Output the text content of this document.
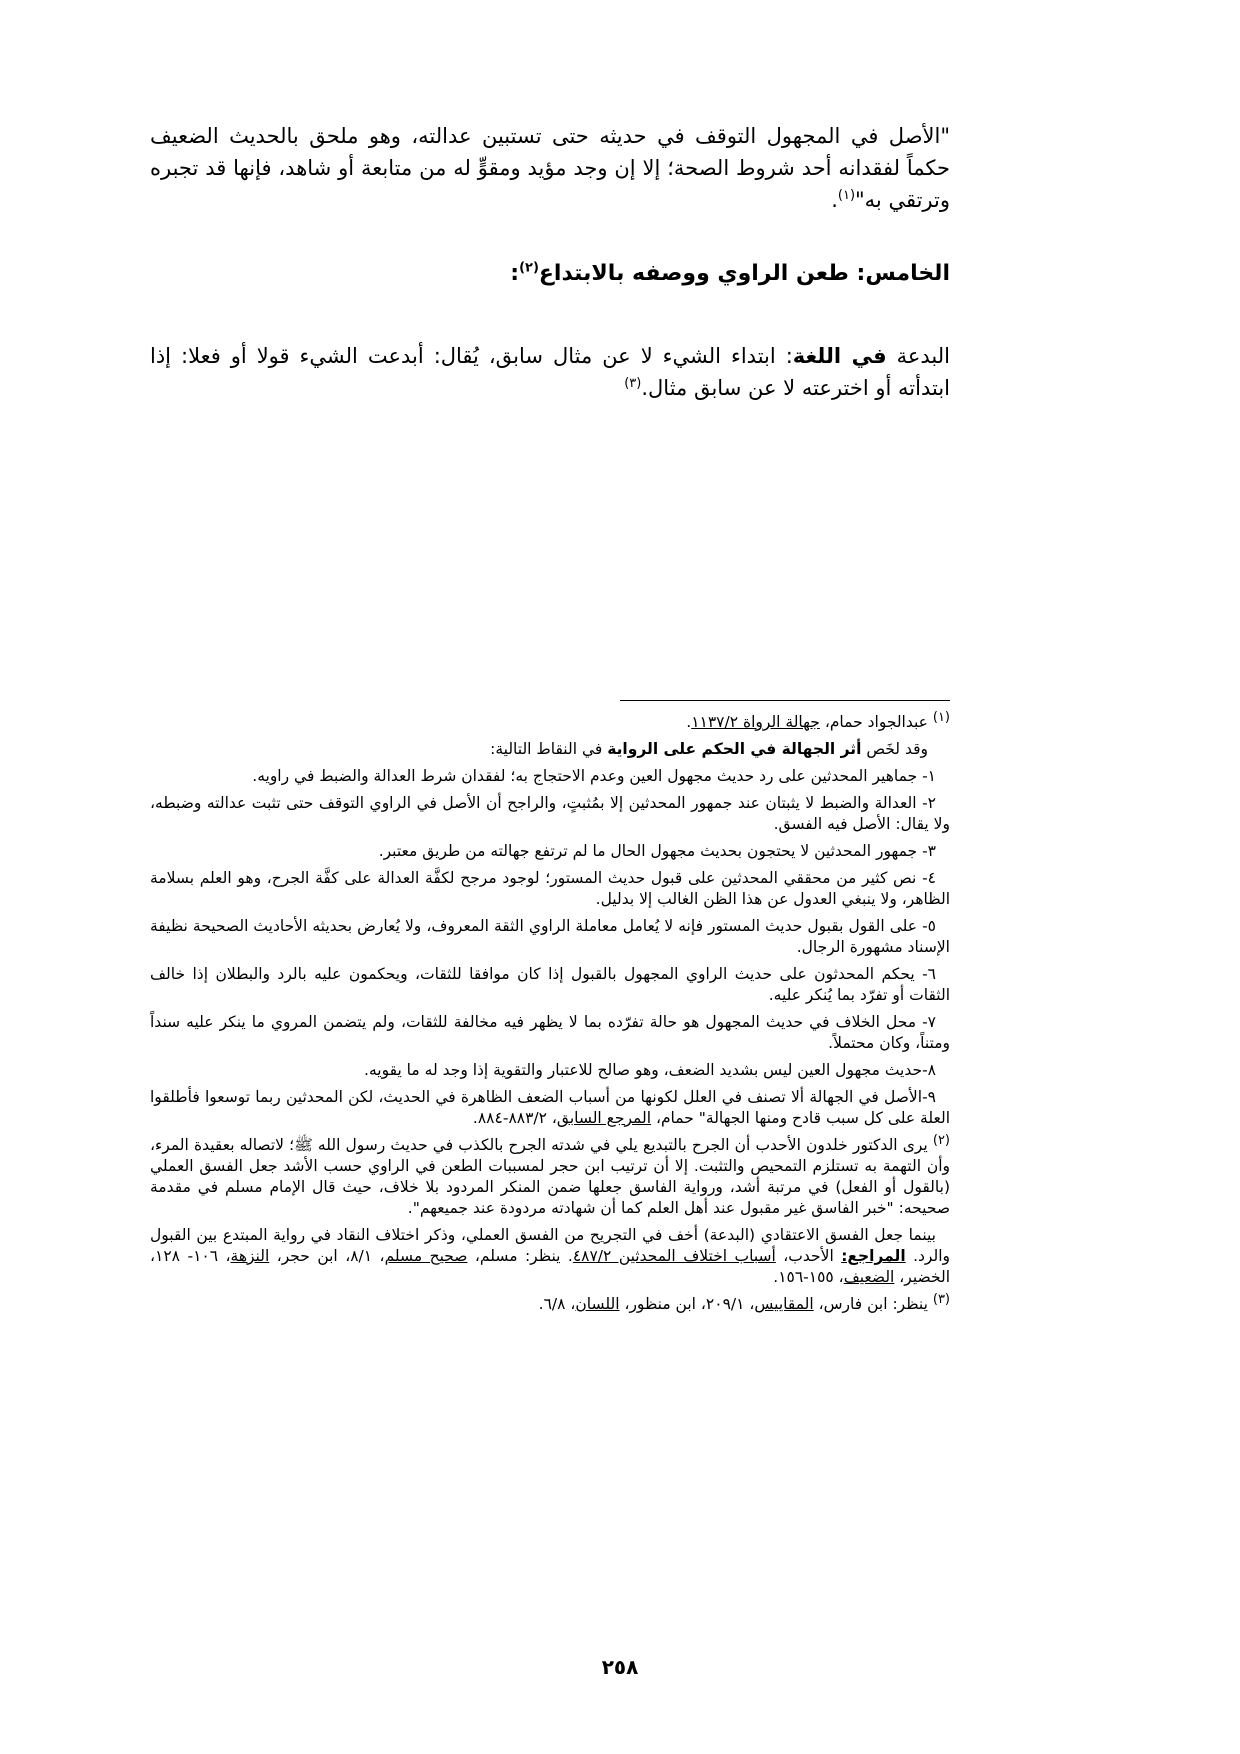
"الأصل في المجهول التوقف في حديثه حتى تستبين عدالته، وهو ملحق بالحديث الضعيف حكماً لفقدانه أحد شروط الصحة؛ إلا إن وجد مؤيد ومقوٍّ له من متابعة أو شاهد، فإنها قد تجبره وترتقي به"$^{(١)}$.

الخامس: طعن الراوي ووصفه بالابتداع$^{(٢)}$:

البدعة في اللغة: ابتداء الشيء لا عن مثال سابق، يُقال: أبدعت الشيء قولا أو فعلا: إذا ابتدأته أو اخترعته لا عن سابق مثال.$^{(٣)}$

$^{(١)}$ عبدالجواد حمام، جهالة الرواة ١١٣٧/٢.

وقد لخَص أثر الجهالة في الحكم على الرواية في النقاط التالية:

١- جماهير المحدثين على رد حديث مجهول العين وعدم الاحتجاج به؛ لفقدان شرط العدالة والضبط في راويه.

٢- العدالة والضبط لا يثبتان عند جمهور المحدثين إلا بمُثبتٍ، والراجح أن الأصل في الراوي التوقف حتى تثبت عدالته وضبطه، ولا يقال: الأصل فيه الفسق.

٣- جمهور المحدثين لا يحتجون بحديث مجهول الحال ما لم ترتفع جهالته من طريق معتبر.

٤- نص كثير من محققي المحدثين على قبول حديث المستور؛ لوجود مرجح لكفَّة العدالة على كفَّة الجرح، وهو العلم بسلامة الظاهر، ولا ينبغي العدول عن هذا الظن الغالب إلا بدليل.

٥- على القول بقبول حديث المستور فإنه لا يُعامل معاملة الراوي الثقة المعروف، ولا يُعارض بحديثه الأحاديث الصحيحة نظيفة الإسناد مشهورة الرجال.

٦- يحكم المحدثون على حديث الراوي المجهول بالقبول إذا كان موافقا للثقات، ويحكمون عليه بالرد والبطلان إذا خالف الثقات أو تفرّد بما يُنكر عليه.

٧- محل الخلاف في حديث المجهول هو حالة تفرّده بما لا يظهر فيه مخالفة للثقات، ولم يتضمن المروي ما ينكر عليه سنداً ومتناً، وكان محتملاً.

٨-حديث مجهول العين ليس بشديد الضعف، وهو صالح للاعتبار والتقوية إذا وجد له ما يقويه.

٩-الأصل في الجهالة ألا تصنف في العلل لكونها من أسباب الضعف الظاهرة في الحديث، لكن المحدثين ربما توسعوا فأطلقوا العلة على كل سبب قادح ومنها الجهالة" حمام، المرجع السابق، ٨٨٣/٢-٨٨٤.

$^{(٢)}$ يرى الدكتور خلدون الأحدب أن الجرح بالتبديع يلي في شدته الجرح بالكذب في حديث رسول الله ﷺ؛ لاتصاله بعقيدة المرء، وأن التهمة به تستلزم التمحيص والتثبت. إلا أن ترتيب ابن حجر لمسببات الطعن في الراوي حسب الأشد جعل الفسق العملي (بالقول أو الفعل) في مرتبة أشد، ورواية الفاسق جعلها ضمن المنكر المردود بلا خلاف، حيث قال الإمام مسلم في مقدمة صحيحه: "خبر الفاسق غير مقبول عند أهل العلم كما أن شهادته مردودة عند جميعهم".

بينما جعل الفسق الاعتقادي (البدعة) أخف في التجريح من الفسق العملي، وذكر اختلاف النقاد في رواية المبتدع بين القبول والرد. المراجع: الأحدب، أسباب اختلاف المحدثين ٤٨٧/٢. ينظر: مسلم، صحيح مسلم، ٨/١، ابن حجر، النزهة، ١٠٦- ١٢٨، الخضير، الضعيف، ١٥٥-١٥٦.

$^{(٣)}$ ينظر: ابن فارس، المقاييس، ٢٠٩/١، ابن منظور، اللسان، ٦/٨.

٢٥٨
